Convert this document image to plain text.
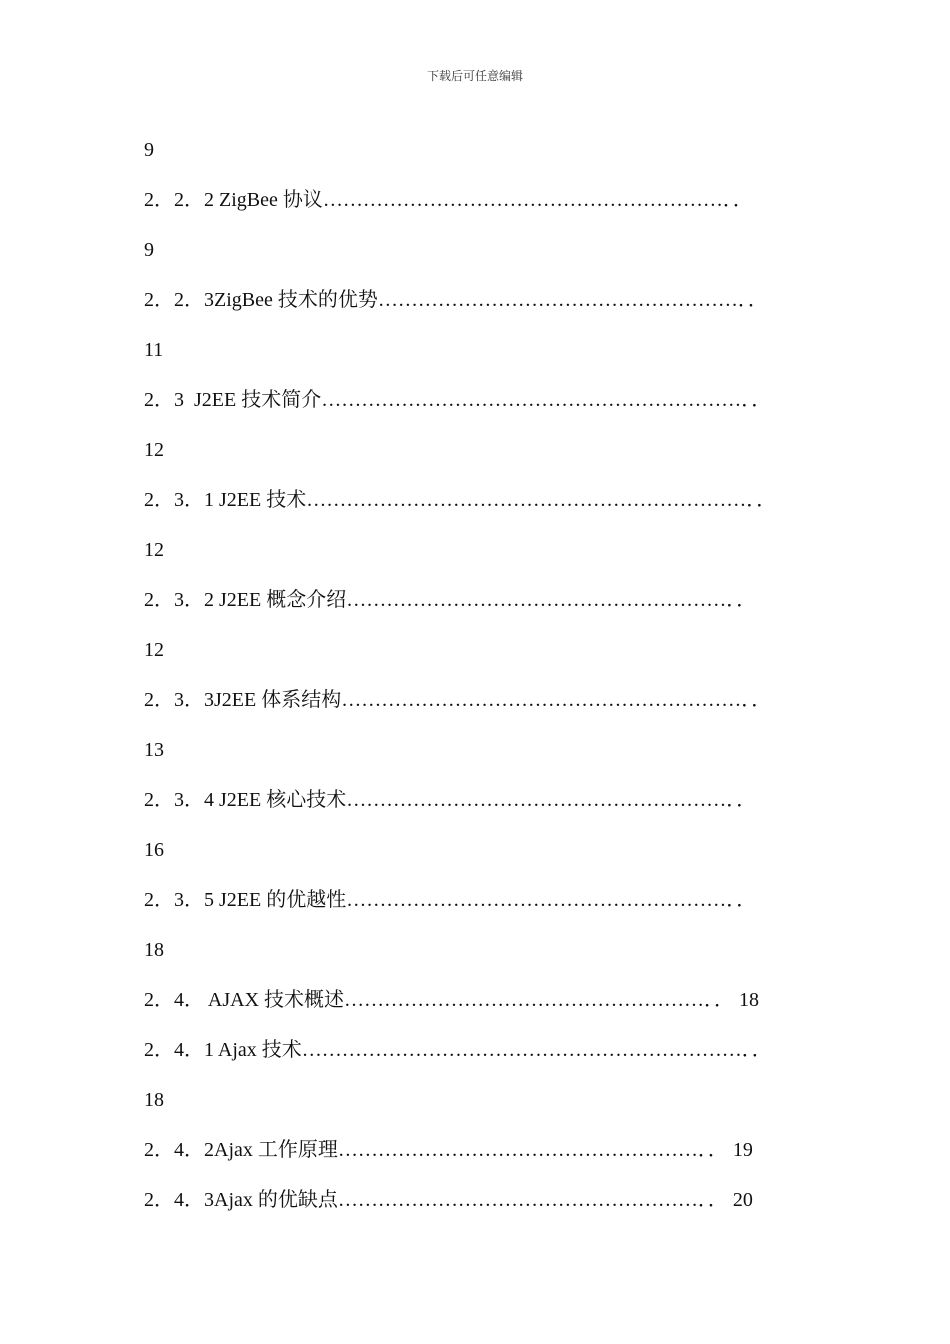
下载后可任意编辑
9
2．2．2 ZigBee 协议……………………………………………………．．
9
2．2．3ZigBee 技术的优势………………………………………………．．
11
2．3  J2EE 技术简介………………………………………………………．．
12
2．3．1 J2EE 技术…………………………………………………………．．
12
2．3．2 J2EE 概念介绍…………………………………………………．．
12
2．3．3J2EE 体系结构……………………………………………………．．
13
2．3．4 J2EE 核心技术…………………………………………………．．
16
2．3．5 J2EE 的优越性…………………………………………………．．
18
2．4． AJAX 技术概述………………………………………………．． 18
2．4．1 Ajax 技术…………………………………………………………．．
18
2．4．2Ajax 工作原理………………………………………………．． 19
2．4．3Ajax 的优缺点………………………………………………．． 20
